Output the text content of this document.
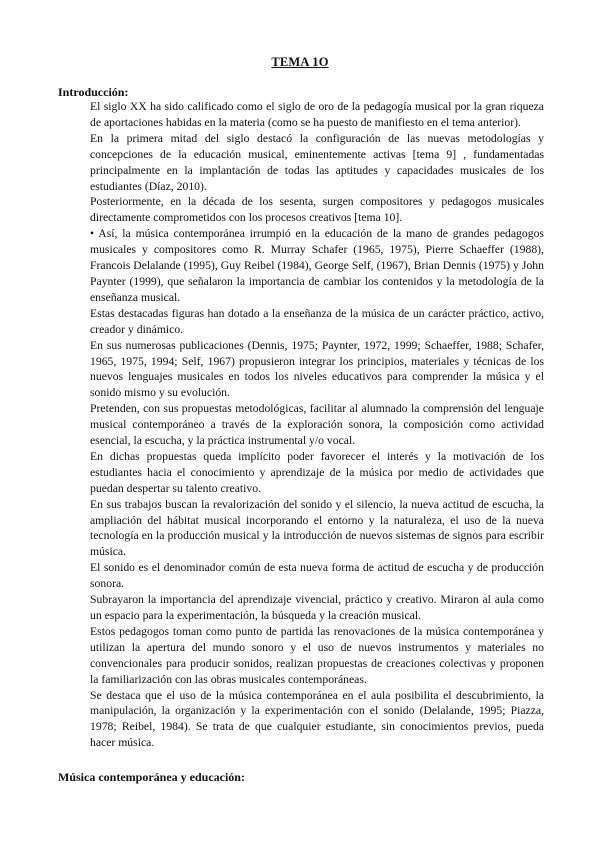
TEMA 1O
Introducción:

El siglo XX ha sido calificado como el siglo de oro de la pedagogía musical por la gran riqueza de aportaciones habidas en la materia (como se ha puesto de manifiesto en el tema anterior).

En la primera mitad del siglo destacó la configuración de las nuevas metodologías y concepciones de la educación musical, eminentemente activas [tema 9] , fundamentadas principalmente en la implantación de todas las aptitudes y capacidades musicales de los estudiantes (Díaz, 2010).

Posteriormente, en la década de los sesenta, surgen compositores y pedagogos musicales directamente comprometidos con los procesos creativos [tema 10].

• Así, la música contemporánea irrumpió en la educación de la mano de grandes pedagogos musicales y compositores como R. Murray Schafer (1965, 1975), Pierre Schaeffer (1988), Francois Delalande (1995), Guy Reibel (1984), George Self, (1967), Brian Dennis (1975) y John Paynter (1999), que señalaron la importancia de cambiar los contenidos y la metodología de la enseñanza musical.

Estas destacadas figuras han dotado a la enseñanza de la música de un carácter práctico, activo, creador y dinámico.

En sus numerosas publicaciones (Dennis, 1975; Paynter, 1972, 1999; Schaeffer, 1988; Schafer, 1965, 1975, 1994; Self, 1967) propusieron integrar los principios, materiales y técnicas de los nuevos lenguajes musicales en todos los niveles educativos para comprender la música y el sonido mismo y su evolución.

Pretenden, con sus propuestas metodológicas, facilitar al alumnado la comprensión del lenguaje musical contemporáneo a través de la exploración sonora, la composición como actividad esencial, la escucha, y la práctica instrumental y/o vocal.

En dichas propuestas queda implícito poder favorecer el interés y la motivación de los estudiantes hacia el conocimiento y aprendizaje de la música por medio de actividades que puedan despertar su talento creativo.

En sus trabajos buscan la revalorización del sonido y el silencio, la nueva actitud de escucha, la ampliación del hábitat musical incorporando el entorno y la naturaleza, el uso de la nueva tecnología en la producción musical y la introducción de nuevos sistemas de signos para escribir música.

El sonido es el denominador común de esta nueva forma de actitud de escucha y de producción sonora.

Subrayaron la importancia del aprendizaje vivencial, práctico y creativo. Miraron al aula como un espacio para la experimentación, la búsqueda y la creación musical.

Estos pedagogos toman como punto de partida las renovaciones de la música contemporánea y utilizan la apertura del mundo sonoro y el uso de nuevos instrumentos y materiales no convencionales para producir sonidos, realizan propuestas de creaciones colectivas y proponen la familiarización con las obras musicales contemporáneas.

Se destaca que el uso de la música contemporánea en el aula posibilita el descubrimiento, la manipulación, la organización y la experimentación con el sonido (Delalande, 1995; Piazza, 1978; Reibel, 1984). Se trata de que cualquier estudiante, sin conocimientos previos, pueda hacer música.

Música contemporánea y educación:
